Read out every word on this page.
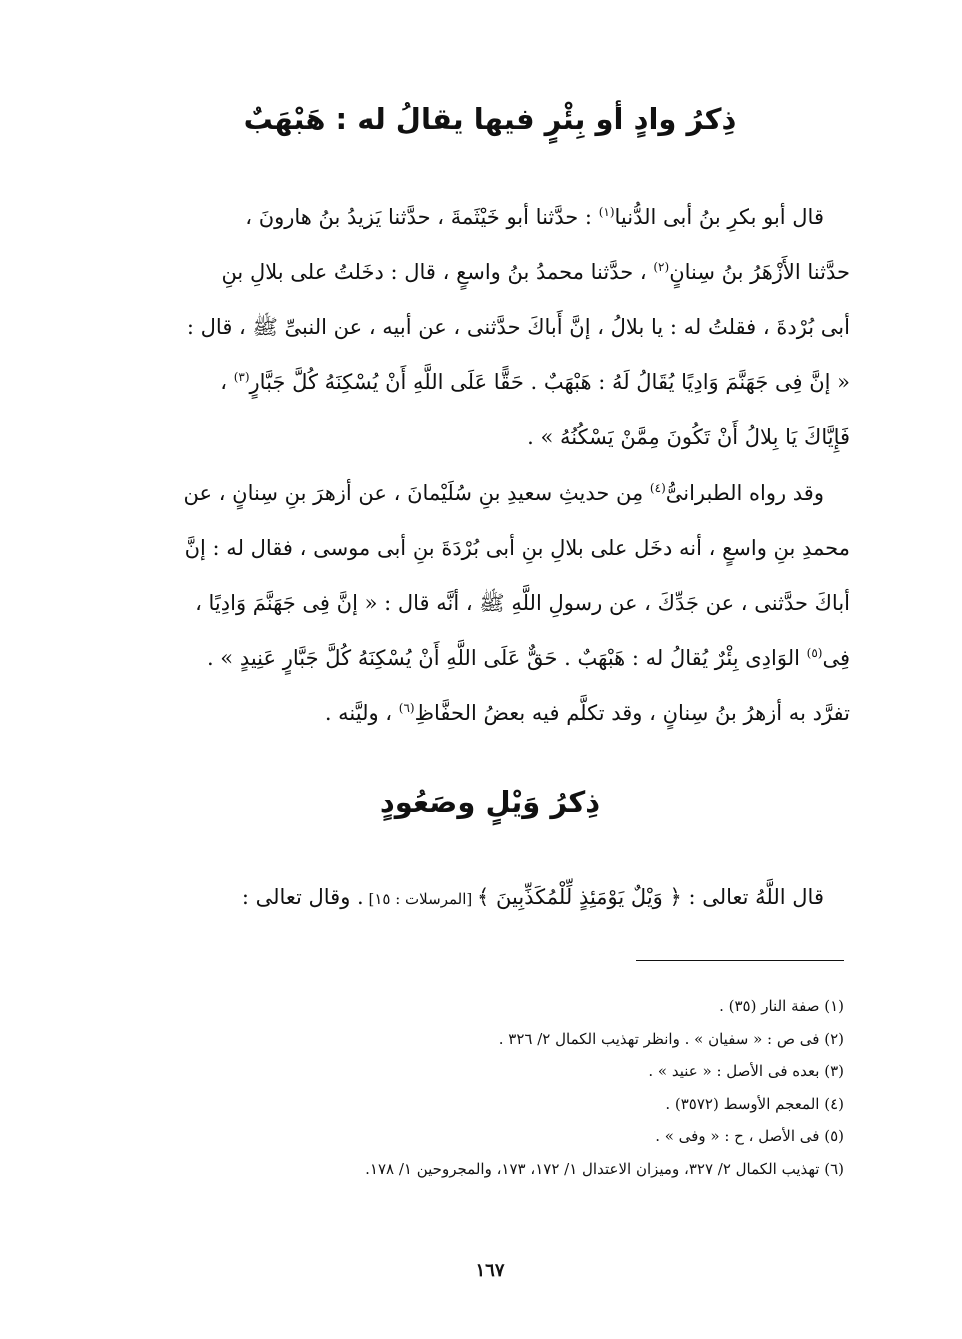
ذِكرُ وادٍ أو بِئْرٍ فيها يقالُ له : هَبْهَبٌ

قال أبو بكرِ بنُ أبى الدُّنيا$^{(١)}$ : حدَّثنا أبو خَيْثَمةَ ، حدَّثنا يَزيدُ بنُ هارونَ ،
حدَّثنا الأَزْهَرُ بنُ سِنانٍ$^{(٢)}$ ، حدَّثنا محمدُ بنُ واسعٍ ، قال : دخَلتُ على بلالِ بنِ
أبى بُرْدةَ ، فقلتُ له : يا بلالُ ، إنَّ أَباكَ حدَّثنى ، عن أبيه ، عن النبىِّ ﷺ ، قال :
« إنَّ فِى جَهَنَّمَ وَادِيًا يُقَالُ لَهُ : هَبْهَبٌ . حَقًّا عَلَى اللَّهِ أَنْ يُسْكِنَهُ كُلَّ جَبَّارٍ$^{(٣)}$ ،
فَإِيَّاكَ يَا بِلالُ أَنْ تَكُونَ مِمَّنْ يَسْكُنُهُ » .

وقد رواه الطبرانىُّ$^{(٤)}$ مِن حديثِ سعيدِ بنِ سُلَيْمانَ ، عن أزهرَ بنِ سِنانٍ ، عن
محمدِ بنِ واسعٍ ، أنه دخَل على بلالِ بنِ أبى بُرْدَةَ بنِ أبى موسى ، فقال له : إنَّ
أباكَ حدَّثنى ، عن جَدِّكَ ، عن رسولِ اللَّهِ ﷺ ، أنَّه قال : « إنَّ فِى جَهَنَّمَ وَادِيًا ،
فِى$^{(٥)}$ الوَادِى بِئْرٌ يُقالُ له : هَبْهَبٌ . حَقٌّ عَلَى اللَّهِ أَنْ يُسْكِنَهُ كُلَّ جَبَّارٍ عَنِيدٍ » .
تفرَّد به أزهرُ بنُ سِنانٍ ، وقد تكلَّم فيه بعضُ الحفَّاظِ$^{(٦)}$ ، وليَّنه .

ذِكرُ وَيْلٍ وصَعُودٍ

قال اللَّهُ تعالى : ﴿ وَيْلٌ يَوْمَئِذٍ لِّلْمُكَذِّبِينَ ﴾ [المرسلات : ١٥] . وقال تعالى :

(١) صفة النار (٣٥) .
(٢) فى ص : « سفيان » . وانظر تهذيب الكمال ٢/ ٣٢٦ .
(٣) بعده فى الأصل : « عنيد » .
(٤) المعجم الأوسط (٣٥٧٢) .
(٥) فى الأصل ، ح : « وفى » .
(٦) تهذيب الكمال ٢/ ٣٢٧، وميزان الاعتدال ١/ ١٧٢، ١٧٣، والمجروحين ١/ ١٧٨.
١٦٧
